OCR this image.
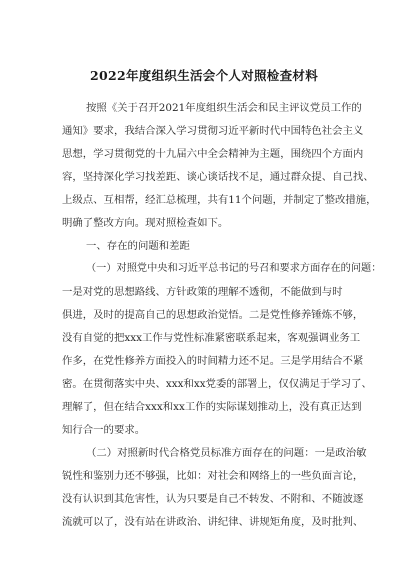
2022年度组织生活会个人对照检查材料
按照《关于召开2021年度组织生活会和民主评议党员工作的
通知》要求，我结合深入学习贯彻习近平新时代中国特色社会主义
思想，学习贯彻党的十九届六中全会精神为主题，围绕四个方面内
容，坚持深化学习找差距、谈心谈话找不足，通过群众提、自己找、
上级点、互相帮，经汇总梳理，共有11个问题，并制定了整改措施，
明确了整改方向。现对照检查如下。
一、存在的问题和差距
（一）对照党中央和习近平总书记的号召和要求方面存在的问题：
一是对党的思想路线、方针政策的理解不透彻，不能做到与时
俱进，及时的提高自己的思想政治觉悟。二是党性修养锤炼不够，
没有自觉的把xxx工作与党性标准紧密联系起来，客观强调业务工
作多，在党性修养方面投入的时间精力还不足。三是学用结合不紧
密。在贯彻落实中央、xxx和xx党委的部署上，仅仅满足于学习了、
理解了，但在结合xxx和xx工作的实际谋划推动上，没有真正达到
知行合一的要求。
（二）对照新时代合格党员标准方面存在的问题：一是政治敏
锐性和鉴别力还不够强，比如：对社会和网络上的一些负面言论，
没有认识到其危害性，认为只要是自己不转发、不附和、不随波逐
流就可以了，没有站在讲政治、讲纪律、讲规矩角度，及时批判、
